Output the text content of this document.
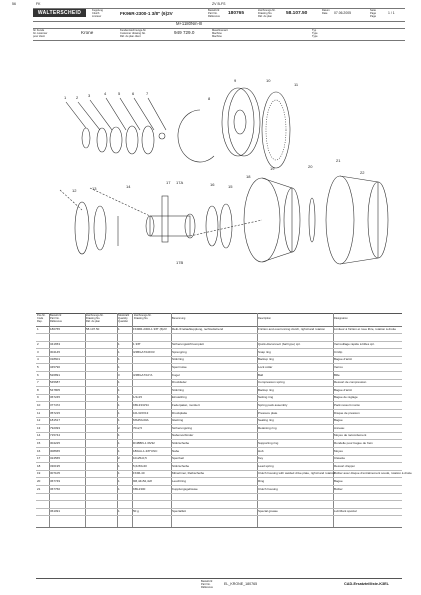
56	FK	ZV B-FS
WALTERSCHEID	Kupplung
Clutch
Limiteur
FK96R-2300-1 3/8" (6)2V
Bestell-Nr.
Part No.
Référence
180765
Zeichnungs-Nr.
Drawing No.
Réf. du plan
58.107.50
Datum
Date	07.06.2005
Seite
Page
Page
1 / 1
M+1180Nm-III
für Kunde
for customer
pour client
Krone	Kundenzeichnungs-Nr.
Customer drawing No.
Réf. du plan client
949 729.0	Maschinenart
Machine
Machine
Typ
Type
Type
1 2 3	4	5	6	7
8
9	10
11
12	13	14	15
16
17 17A
17B
18
19	20
21
22
Pos.Nr.
Code
Rep.
Bestell-Nr.
Part No.
Référence
Zeichnungs-Nr.
Drawing No.
Réf. du plan
Stückzahl
Quantity
Quantité
Zeichnungs-Nr.
Drawing No.	Benennung	Description	Désignation
1	180765	58.107.50	1	FK96R-2300-1 3/8" (6)2V	Reib-/Freilaufkupplung, rechtsdrehend	Friction and overrunning clutch, right-hand rotation	Limiteur à friction et roue libre, rotation à droite
2	341653	1	1 3/8"	Sicherungsstift komplett	Quick-disconnect (ball type) cpl.	Verrouillage rapide à billes cpl.
3	304145	1	3/4BGA7/10F03	Sprengring	Snap ring	Circlip
4	318601	1	Stützring	Backup ring	Bague d'arrêt
5	345790	1	Sperrnutse	Lock collar	Verrou
6	526891	3	3/4BGA7/10"A	Kugel	Ball	Bille
7	545687	1	Druckfeder	Compression spring	Ressort de compression
8	547805	1	Stützring	Backup ring	Bague d'arrêt
9	367245	1	1/4x15	Einstellring	Setting ring	Bague de réglage
10	377472	1	KBL33/3/34	Federpaket, montiert	Spring pack assembly	Pack ressort monté
11	357215	1	10L/3/2X13	Druckplatte	Pressure plate	Disque de pression
12	181517	1	MS45/L00A	Gleitring	Sealing ring	Bague
13	792093	2	70x2,5	Sicherungsring	Retaining ring	Anneau
14	715744	1	Nabenverbinder	Moyeu de raccordement
15	304225	1	D/4BBN-1 06/32	Stützscheibe	Supporting ring	Rondelle pour bague de frein
16	308665	1	180AA-1-3/8"UNC	Nabe	Hub	Moyeu
17	324565	2	10x25x0,5	Sperrkeil	Key	Clavette
18	330195	1	5,6x56x40	Stützscheibe	Lead spring	Ressort d'appui
19	307105	1	FK96-40	Mitnehmer, Reibscheibe	Clutch housing with welded drive plate, right-hand rotation
Boîtier avec disque d'entraînement soudé, rotation à droite
20	367749	1	9M,44x52,4x8	Leuchtring	Ring	Bague
21	367760	1	KBL2300	Kupplungsgehäuse	Clutch housing	Boîtier
361091	1	50 g	Spezialfett	Special grease	Lubrifiant spécial
Bestell-Nr.
Part No.
Référence
EL_KRONE_180765	CAD-Ersatzteilliste-K3EL
